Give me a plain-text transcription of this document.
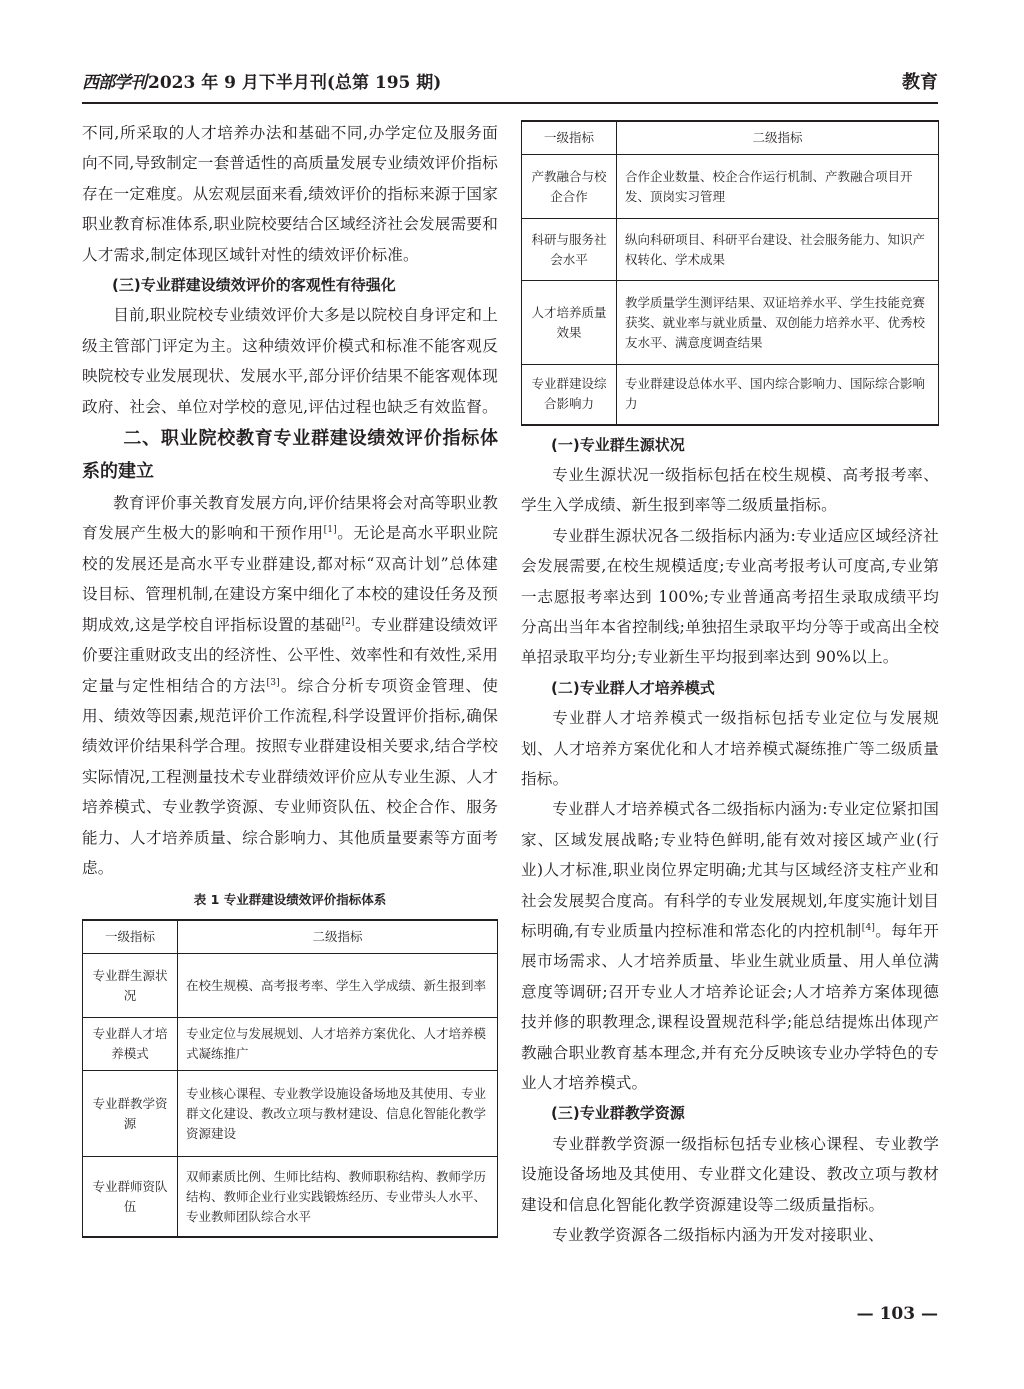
西部学刊 2023 年 9 月下半月刊(总第 195 期)	教育

不同,所采取的人才培养办法和基础不同,办学定位及服务面向不同,导致制定一套普适性的高质量发展专业绩效评价指标存在一定难度。从宏观层面来看,绩效评价的指标来源于国家职业教育标准体系,职业院校要结合区域经济社会发展需要和人才需求,制定体现区域针对性的绩效评价标准。

(三)专业群建设绩效评价的客观性有待强化

目前,职业院校专业绩效评价大多是以院校自身评定和上级主管部门评定为主。这种绩效评价模式和标准不能客观反映院校专业发展现状、发展水平,部分评价结果不能客观体现政府、社会、单位对学校的意见,评估过程也缺乏有效监督。

二、职业院校教育专业群建设绩效评价指标体系的建立

教育评价事关教育发展方向,评价结果将会对高等职业教育发展产生极大的影响和干预作用[1]。无论是高水平职业院校的发展还是高水平专业群建设,都对标“双高计划”总体建设目标、管理机制,在建设方案中细化了本校的建设任务及预期成效,这是学校自评指标设置的基础[2]。专业群建设绩效评价要注重财政支出的经济性、公平性、效率性和有效性,采用定量与定性相结合的方法[3]。综合分析专项资金管理、使用、绩效等因素,规范评价工作流程,科学设置评价指标,确保绩效评价结果科学合理。按照专业群建设相关要求,结合学校实际情况,工程测量技术专业群绩效评价应从专业生源、人才培养模式、专业教学资源、专业师资队伍、校企合作、服务能力、人才培养质量、综合影响力、其他质量要素等方面考虑。

表 1 专业群建设绩效评价指标体系
一级指标	二级指标
专业群生源状况	在校生规模、高考报考率、学生入学成绩、新生报到率
专业群人才培养模式	专业定位与发展规划、人才培养方案优化、人才培养模式凝练推广
专业群教学资源	专业核心课程、专业教学设施设备场地及其使用、专业群文化建设、教改立项与教材建设、信息化智能化教学资源建设
专业群师资队伍	双师素质比例、生师比结构、教师职称结构、教师学历结构、教师企业行业实践锻炼经历、专业带头人水平、专业教师团队综合水平
一级指标	二级指标
产教融合与校企合作	合作企业数量、校企合作运行机制、产教融合项目开发、顶岗实习管理
科研与服务社会水平	纵向科研项目、科研平台建设、社会服务能力、知识产权转化、学术成果
人才培养质量效果	教学质量学生测评结果、双证培养水平、学生技能竞赛获奖、就业率与就业质量、双创能力培养水平、优秀校友水平、满意度调查结果
专业群建设综合影响力	专业群建设总体水平、国内综合影响力、国际综合影响力
(一)专业群生源状况

专业生源状况一级指标包括在校生规模、高考报考率、学生入学成绩、新生报到率等二级质量指标。

专业群生源状况各二级指标内涵为:专业适应区域经济社会发展需要,在校生规模适度;专业高考报考认可度高,专业第一志愿报考率达到 100%;专业普通高考招生录取成绩平均分高出当年本省控制线;单独招生录取平均分等于或高出全校单招录取平均分;专业新生平均报到率达到 90%以上。

(二)专业群人才培养模式

专业群人才培养模式一级指标包括专业定位与发展规划、人才培养方案优化和人才培养模式凝练推广等二级质量指标。

专业群人才培养模式各二级指标内涵为:专业定位紧扣国家、区域发展战略;专业特色鲜明,能有效对接区域产业(行业)人才标准,职业岗位界定明确;尤其与区域经济支柱产业和社会发展契合度高。有科学的专业发展规划,年度实施计划目标明确,有专业质量内控标准和常态化的内控机制[4]。每年开展市场需求、人才培养质量、毕业生就业质量、用人单位满意度等调研;召开专业人才培养论证会;人才培养方案体现德技并修的职教理念,课程设置规范科学;能总结提炼出体现产教融合职业教育基本理念,并有充分反映该专业办学特色的专业人才培养模式。

(三)专业群教学资源

专业群教学资源一级指标包括专业核心课程、专业教学设施设备场地及其使用、专业群文化建设、教改立项与教材建设和信息化智能化教学资源建设等二级质量指标。

专业教学资源各二级指标内涵为开发对接职业、

— 103 —
